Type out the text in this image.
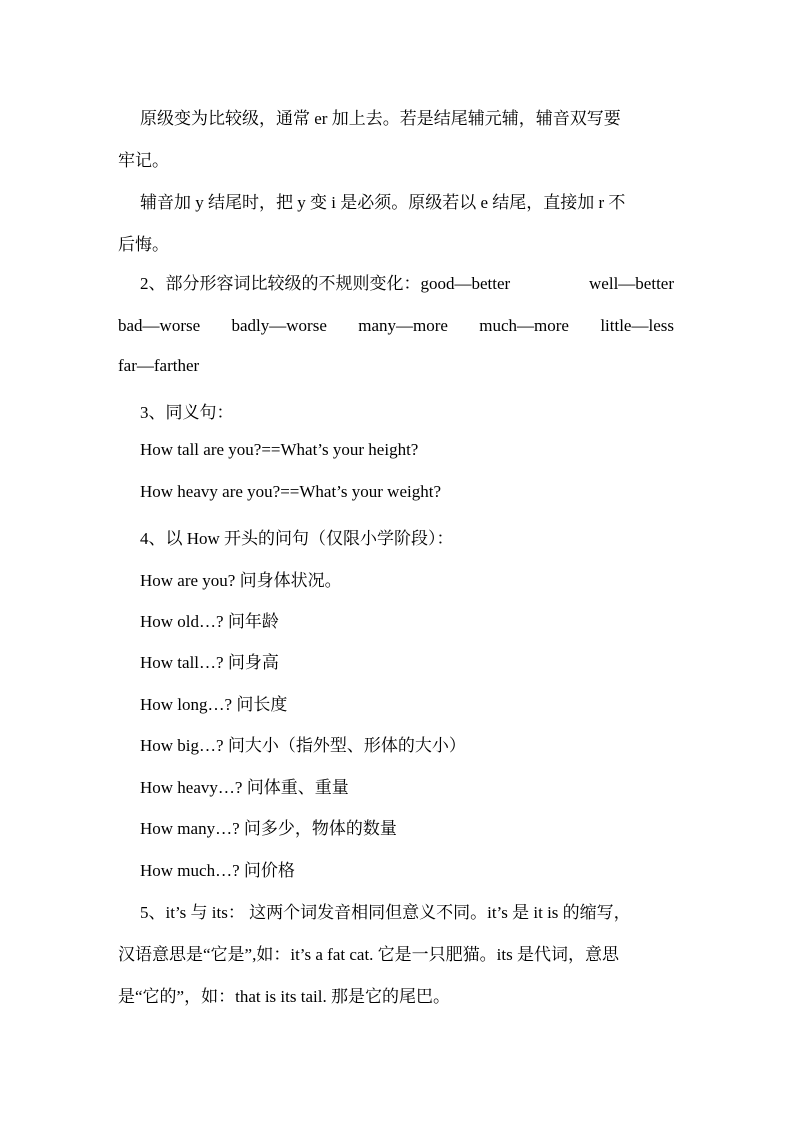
原级变为比较级，通常 er 加上去。若是结尾辅元辅，辅音双写要
牢记。
辅音加 y 结尾时，把 y 变 i 是必须。原级若以 e 结尾，直接加 r 不
后悔。
2、部分形容词比较级的不规则变化：good—better	well—better
bad—worse badly—worse many—more much—more little—less
far—farther
3、同义句：
How tall are you?==What’s your height?
How heavy are you?==What’s your weight?
4、以 How 开头的问句（仅限小学阶段）：
How are you? 问身体状况。
How old…? 问年龄
How tall…? 问身高
How long…? 问长度
How big…? 问大小（指外型、形体的大小）
How heavy…? 问体重、重量
How many…? 问多少，物体的数量
How much…? 问价格
5、it’s 与 its： 这两个词发音相同但意义不同。it’s 是 it is 的缩写，
汉语意思是“它是”,如：it’s a fat cat. 它是一只肥猫。its 是代词，意思
是“它的”，如：that is its tail. 那是它的尾巴。
